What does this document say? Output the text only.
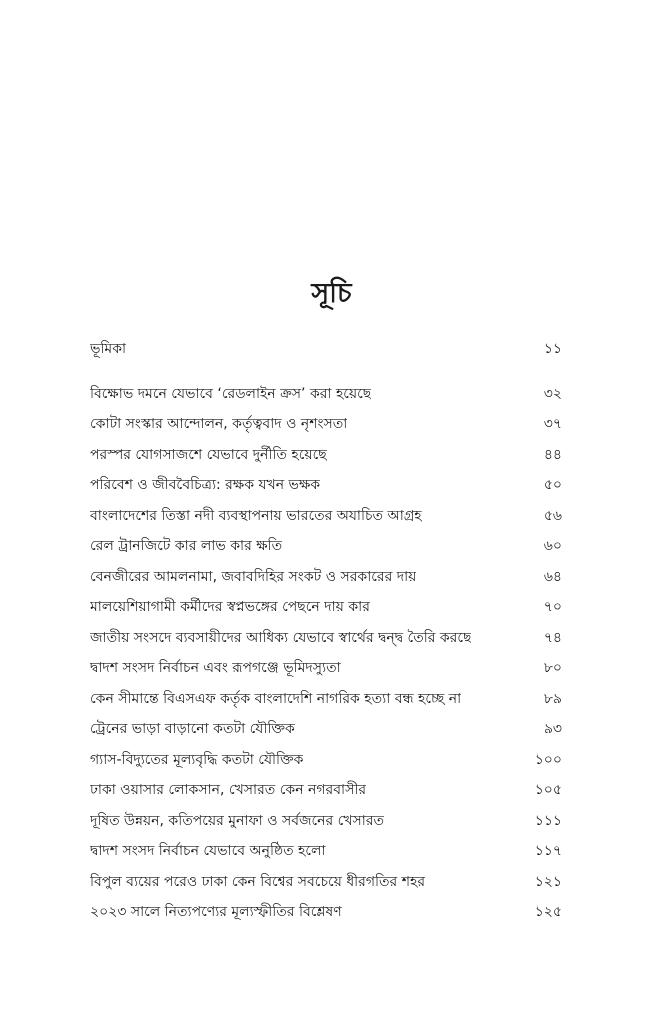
সূচি
ভূমিকা	১১
বিক্ষোভ দমনে যেভাবে ‘রেডলাইন ক্রস’ করা হয়েছে	৩২
কোটা সংস্কার আন্দোলন, কর্তৃত্ববাদ ও নৃশংসতা	৩৭
পরস্পর যোগসাজশে যেভাবে দুর্নীতি হয়েছে	৪৪
পরিবেশ ও জীববৈচিত্র্য: রক্ষক যখন ভক্ষক	৫০
বাংলাদেশের তিস্তা নদী ব্যবস্থাপনায় ভারতের অযাচিত আগ্রহ	৫৬
রেল ট্রানজিটে কার লাভ কার ক্ষতি	৬০
বেনজীরের আমলনামা, জবাবদিহির সংকট ও সরকারের দায়	৬৪
মালয়েশিয়াগামী কর্মীদের স্বপ্নভঙ্গের পেছনে দায় কার	৭০
জাতীয় সংসদে ব্যবসায়ীদের আধিক্য যেভাবে স্বার্থের দ্বন্দ্ব তৈরি করছে	৭৪
দ্বাদশ সংসদ নির্বাচন এবং রূপগঞ্জে ভূমিদস্যুতা	৮০
কেন সীমান্তে বিএসএফ কর্তৃক বাংলাদেশি নাগরিক হত্যা বন্ধ হচ্ছে না	৮৯
ট্রেনের ভাড়া বাড়ানো কতটা যৌক্তিক	৯৩
গ্যাস-বিদ্যুতের মূল্যবৃদ্ধি কতটা যৌক্তিক	১০০
ঢাকা ওয়াসার লোকসান, খেসারত কেন নগরবাসীর	১০৫
দূষিত উন্নয়ন, কতিপয়ের মুনাফা ও সর্বজনের খেসারত	১১১
দ্বাদশ সংসদ নির্বাচন যেভাবে অনুষ্ঠিত হলো	১১৭
বিপুল ব্যয়ের পরেও ঢাকা কেন বিশ্বের সবচেয়ে ধীরগতির শহর	১২১
২০২৩ সালে নিত্যপণ্যের মূল্যস্ফীতির বিশ্লেষণ	১২৫
